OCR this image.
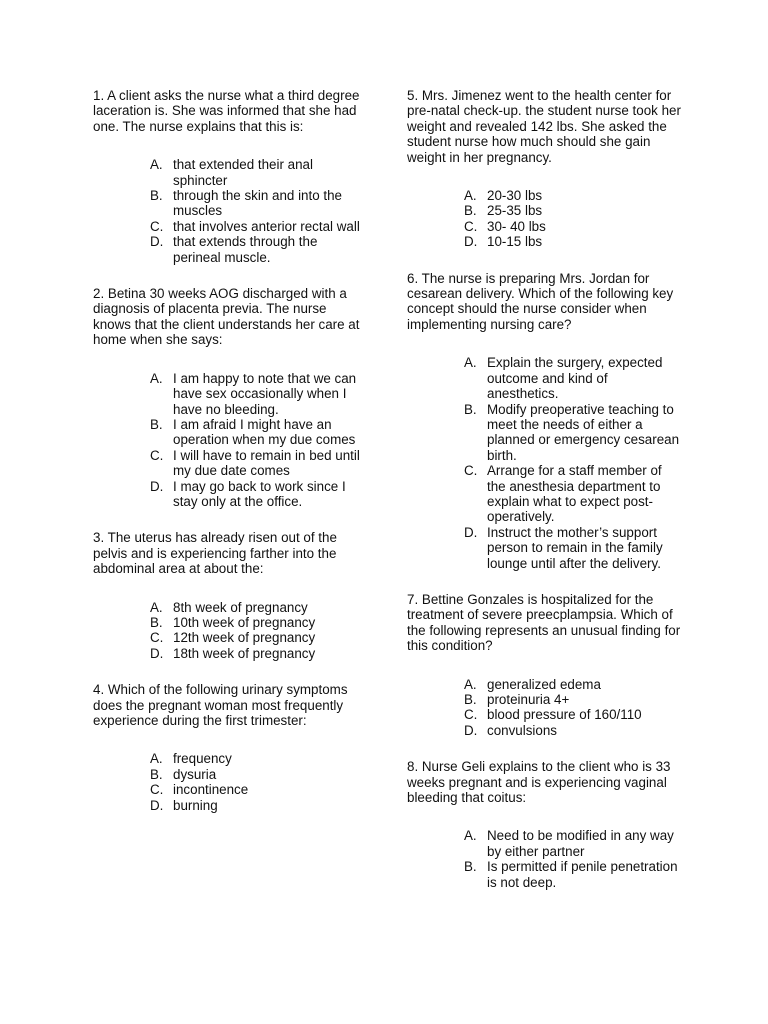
1. A client asks the nurse what a third degree laceration is. She was informed that she had one. The nurse explains that this is:

A. that extended their anal sphincter
B. through the skin and into the muscles
C. that involves anterior rectal wall
D. that extends through the perineal muscle.

2. Betina 30 weeks AOG discharged with a diagnosis of placenta previa. The nurse knows that the client understands her care at home when she says:

A. I am happy to note that we can have sex occasionally when I have no bleeding.
B. I am afraid I might have an operation when my due comes
C. I will have to remain in bed until my due date comes
D. I may go back to work since I stay only at the office.

3. The uterus has already risen out of the pelvis and is experiencing farther into the abdominal area at about the:

A. 8th week of pregnancy
B. 10th week of pregnancy
C. 12th week of pregnancy
D. 18th week of pregnancy

4. Which of the following urinary symptoms does the pregnant woman most frequently experience during the first trimester:

A. frequency
B. dysuria
C. incontinence
D. burning

5. Mrs. Jimenez went to the health center for pre-natal check-up. the student nurse took her weight and revealed 142 lbs. She asked the student nurse how much should she gain weight in her pregnancy.

A. 20-30 lbs
B. 25-35 lbs
C. 30- 40 lbs
D. 10-15 lbs

6. The nurse is preparing Mrs. Jordan for cesarean delivery. Which of the following key concept should the nurse consider when implementing nursing care?

A. Explain the surgery, expected outcome and kind of anesthetics.
B. Modify preoperative teaching to meet the needs of either a planned or emergency cesarean birth.
C. Arrange for a staff member of the anesthesia department to explain what to expect post-operatively.
D. Instruct the mother’s support person to remain in the family lounge until after the delivery.

7. Bettine Gonzales is hospitalized for the treatment of severe preecplampsia. Which of the following represents an unusual finding for this condition?

A. generalized edema
B. proteinuria 4+
C. blood pressure of 160/110
D. convulsions

8. Nurse Geli explains to the client who is 33 weeks pregnant and is experiencing vaginal bleeding that coitus:

A. Need to be modified in any way by either partner
B. Is permitted if penile penetration is not deep.
